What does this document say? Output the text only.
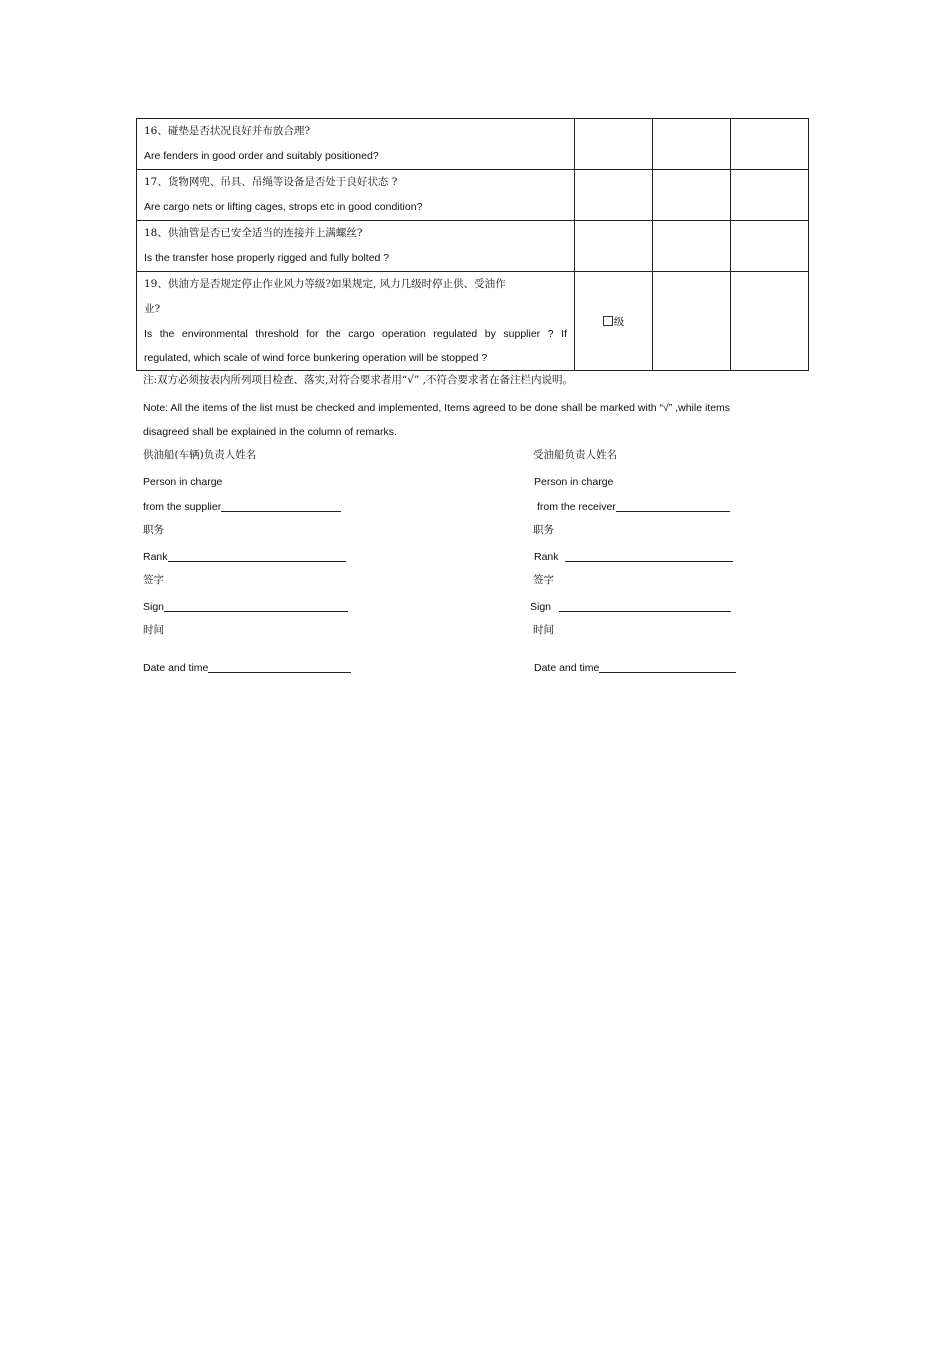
16、碰垫是否状况良好并布放合理?
Are fenders in good order and suitably positioned?			

17、货物网兜、吊具、吊绳等设备是否处于良好状态 ?
Are cargo nets or lifting cages, strops etc in good condition?			

18、供油管是否已安全适当的连接并上满螺丝?
Is the transfer hose properly rigged and fully bolted ?			

19、供油方是否规定停止作业风力等级?如果规定, 风力几级时停止供、受油作
业?
Is the environmental threshold for the cargo operation regulated by supplier ? If
regulated, which scale of wind force bunkering operation will be stopped ?	级		
注:双方必须按表内所列项目检查、落实,对符合要求者用“√” ,不符合要求者在备注栏内说明。
Note: All the items of the list must be checked and implemented, Items agreed to be done shall be marked with “√” ,while items
disagreed shall be explained in the column of remarks.
供油船(车辆)负责人姓名
Person in charge
from the supplier
职务
Rank
签字
Sign
时间
Date and time
受油船负责人姓名
Person in charge
from the receiver
职务
Rank
签字
Sign
时间
Date and time
